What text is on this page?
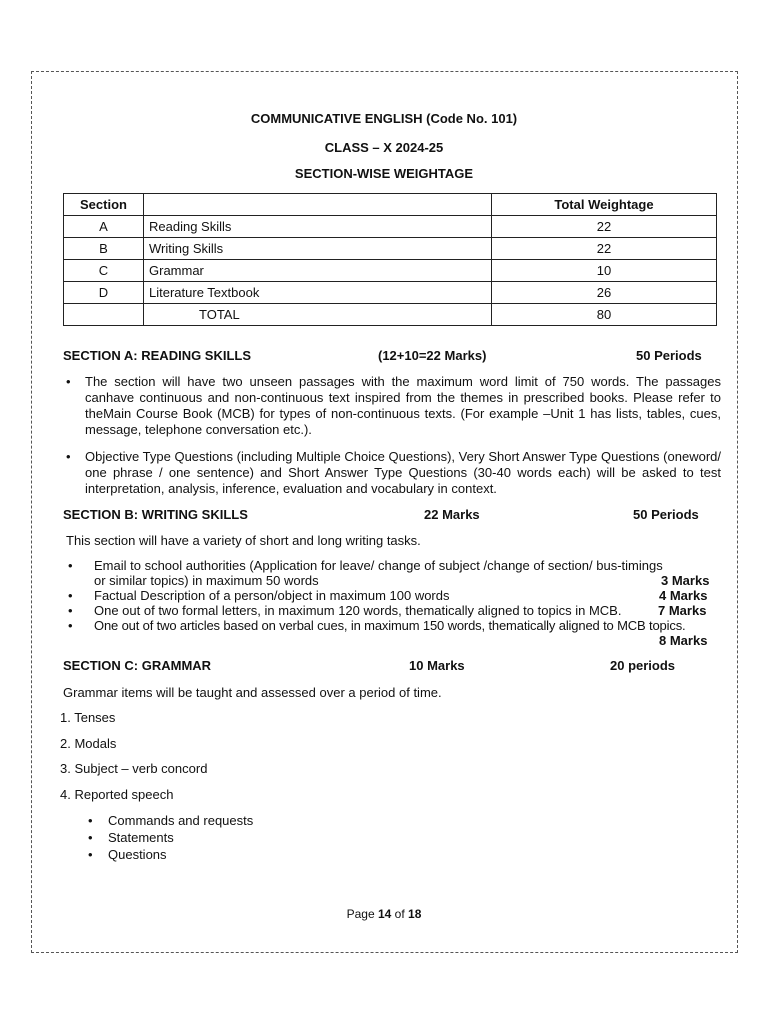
COMMUNICATIVE ENGLISH (Code No. 101)
CLASS – X 2024-25
SECTION-WISE WEIGHTAGE
Section		Total Weightage
A	Reading Skills	22
B	Writing Skills	22
C	Grammar	10
D	Literature Textbook	26
	TOTAL	80
SECTION A: READING SKILLS	(12+10=22 Marks)	50 Periods
• The section will have two unseen passages with the maximum word limit of 750 words. The passages canhave continuous and non-continuous text inspired from the themes in prescribed books. Please refer to theMain Course Book (MCB) for types of non-continuous texts. (For example –Unit 1 has lists, tables, cues, message, telephone conversation etc.).
• Objective Type Questions (including Multiple Choice Questions), Very Short Answer Type Questions (oneword/ one phrase / one sentence) and Short Answer Type Questions (30-40 words each) will be asked to test interpretation, analysis, inference, evaluation and vocabulary in context.
SECTION B: WRITING SKILLS	22 Marks	50 Periods
This section will have a variety of short and long writing tasks.
• Email to school authorities (Application for leave/ change of subject /change of section/ bus-timings
or similar topics) in maximum 50 words	3 Marks
• Factual Description of a person/object in maximum 100 words	4 Marks
• One out of two formal letters, in maximum 120 words, thematically aligned to topics in MCB.	7 Marks
• One out of two articles based on verbal cues, in maximum 150 words, thematically aligned to MCB topics.
8 Marks
SECTION C: GRAMMAR	10 Marks	20 periods
Grammar items will be taught and assessed over a period of time.
1. Tenses
2. Modals
3. Subject – verb concord
4. Reported speech
• Commands and requests
• Statements
• Questions
Page 14 of 18
